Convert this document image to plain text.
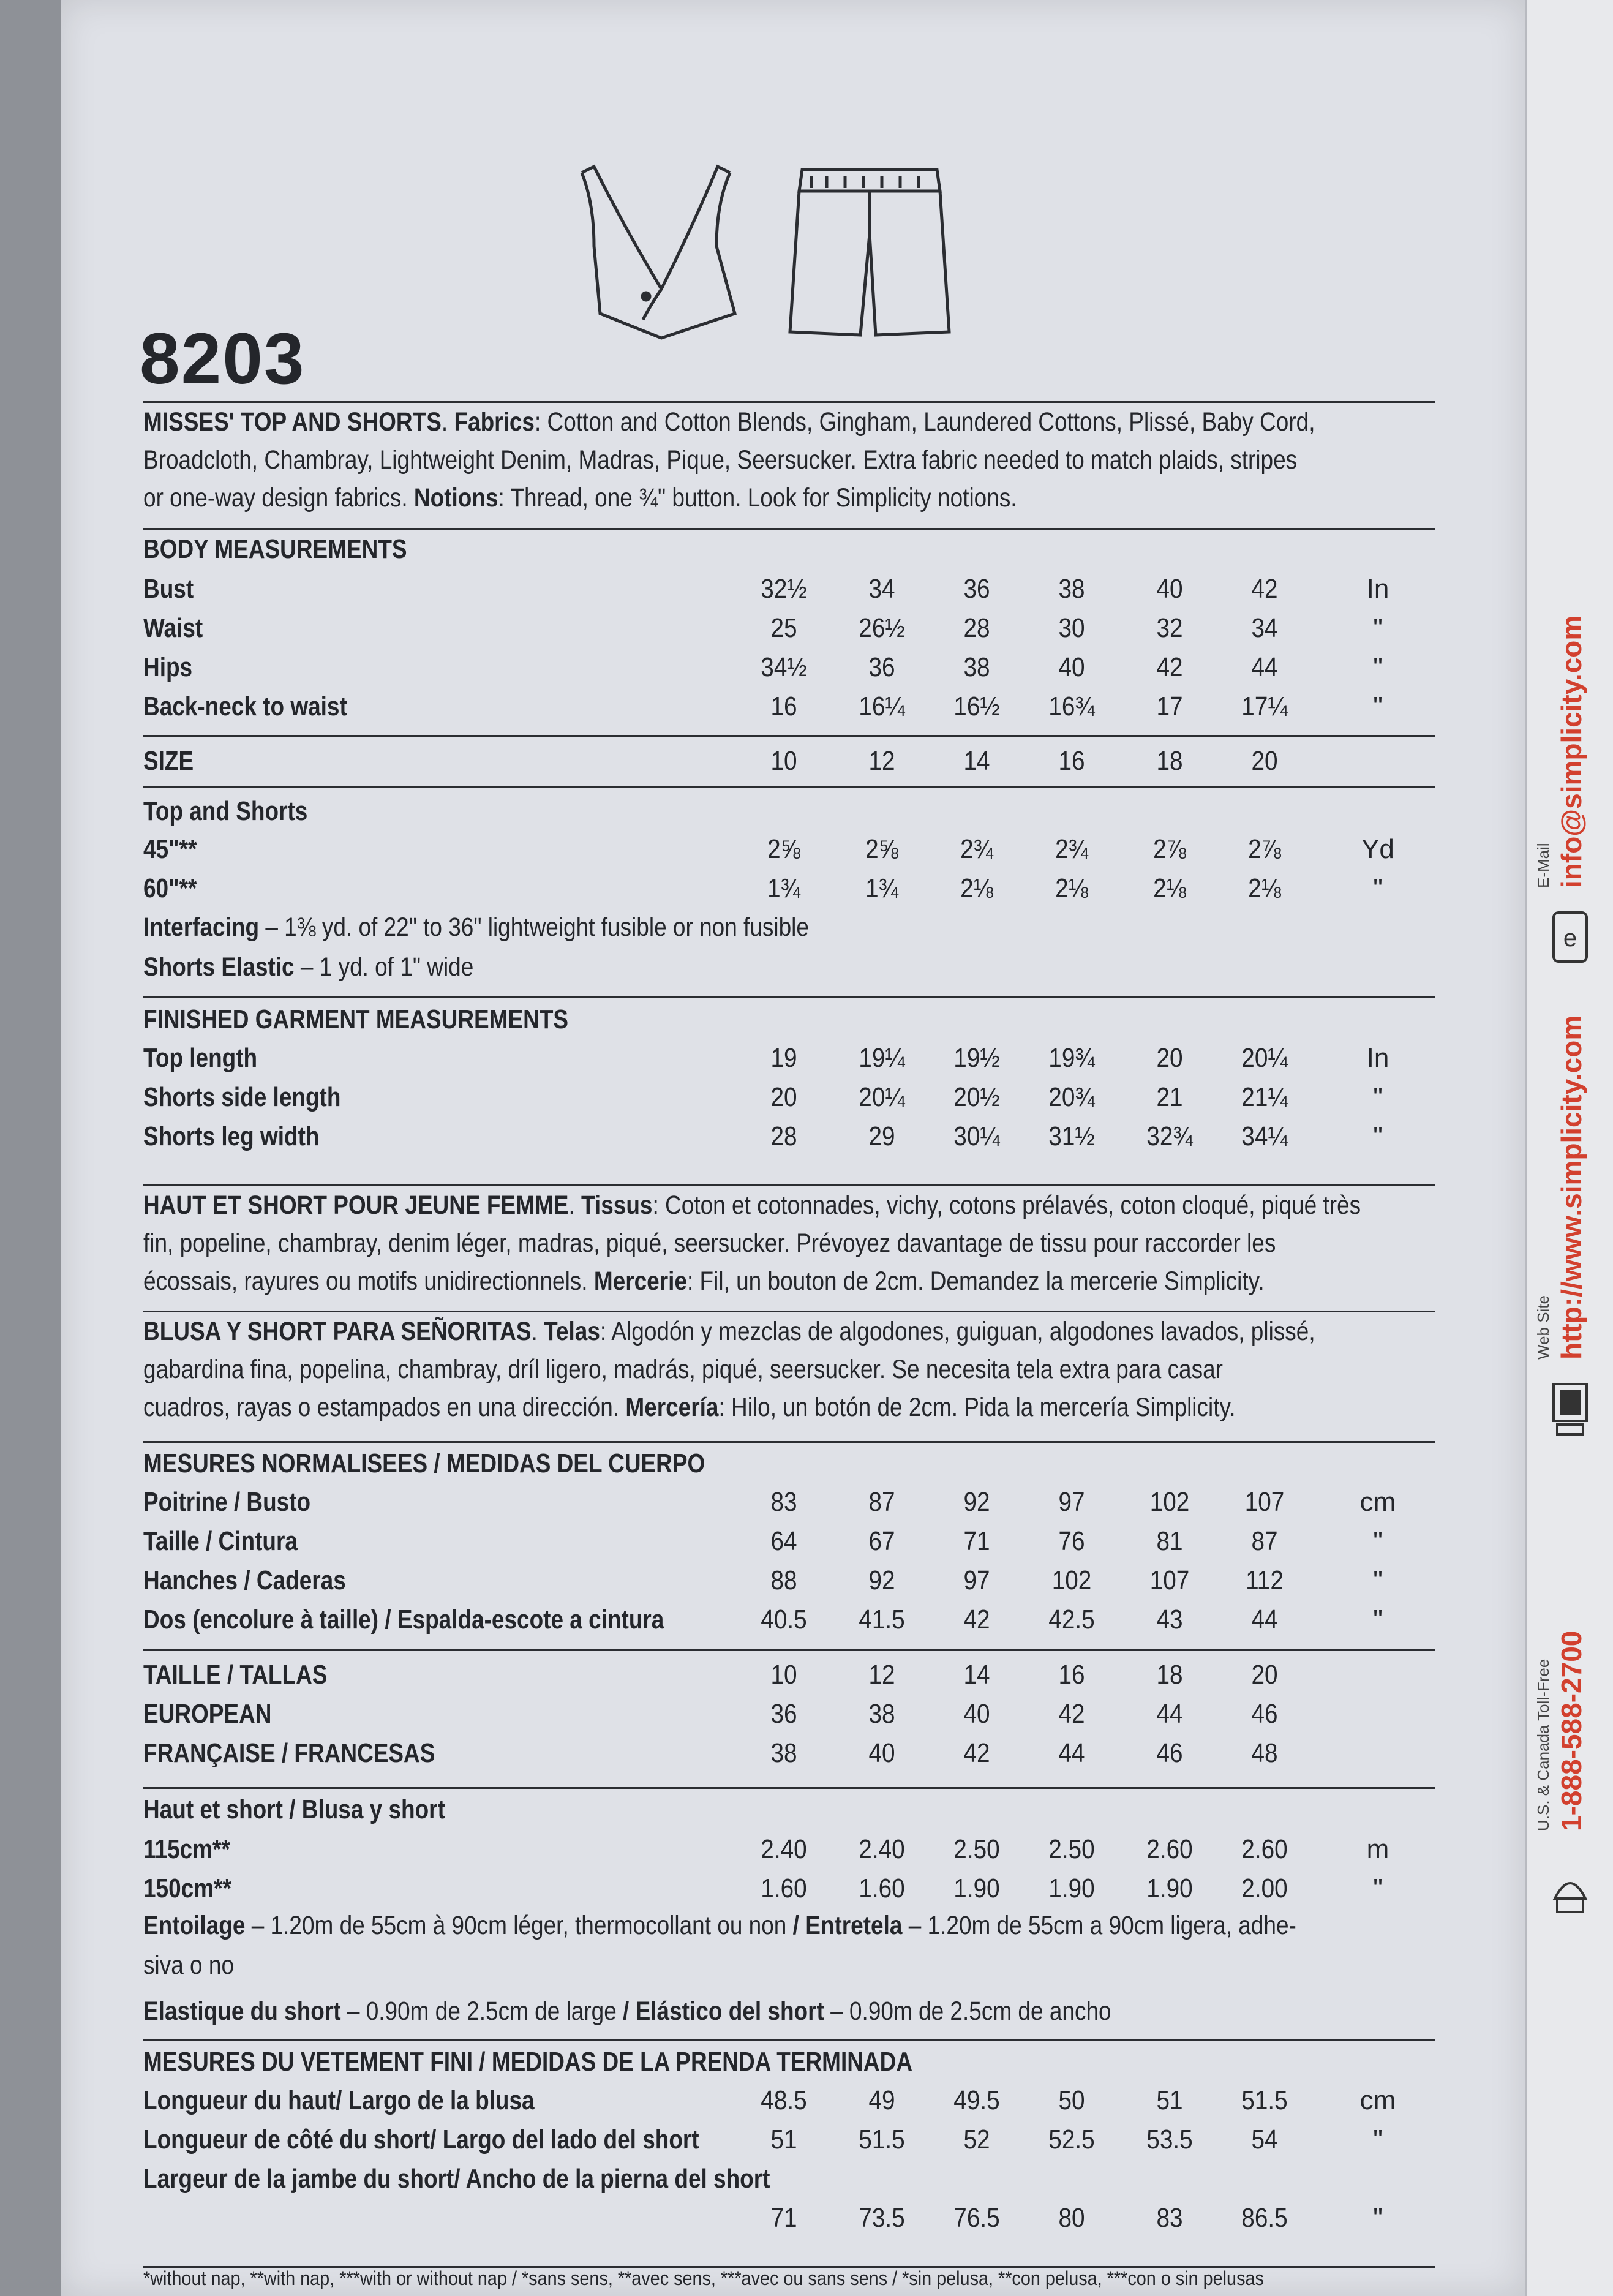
info@simplicity.com
E-Mail
e
http://www.simplicity.com
Web Site
1-888-588-2700
U.S. & Canada Toll-Free
8203
MISSES' TOP AND SHORTS. Fabrics: Cotton and Cotton Blends, Gingham, Laundered Cottons, Plissé, Baby Cord,
Broadcloth, Chambray, Lightweight Denim, Madras, Pique, Seersucker. Extra fabric needed to match plaids, stripes
or one-way design fabrics. Notions: Thread, one ¾" button. Look for Simplicity notions.
BODY MEASUREMENTS
Bust	32½	34	36	38	40	42	In
Waist	25	26½	28	30	32	34	"
Hips	34½	36	38	40	42	44	"
Back-neck to waist	16	16¼	16½	16¾	17	17¼	"
SIZE	10	12	14	16	18	20
Top and Shorts
45"**	2⅝	2⅝	2¾	2¾	2⅞	2⅞	Yd
60"**	1¾	1¾	2⅛	2⅛	2⅛	2⅛	"
FINISHED GARMENT MEASUREMENTS
Top length	19	19¼	19½	19¾	20	20¼	In
Shorts side length	20	20¼	20½	20¾	21	21¼	"
Shorts leg width	28	29	30¼	31½	32¾	34¼	"
MESURES NORMALISEES / MEDIDAS DEL CUERPO
Poitrine / Busto	83	87	92	97	102	107	cm
Taille / Cintura	64	67	71	76	81	87	"
Hanches / Caderas	88	92	97	102	107	112	"
Dos (encolure à taille) / Espalda-escote a cintura	40.5	41.5	42	42.5	43	44	"
TAILLE / TALLAS	10	12	14	16	18	20
EUROPEAN	36	38	40	42	44	46
FRANÇAISE / FRANCESAS	38	40	42	44	46	48
Haut et short / Blusa y short
115cm**	2.40	2.40	2.50	2.50	2.60	2.60	m
150cm**	1.60	1.60	1.90	1.90	1.90	2.00	"
MESURES DU VETEMENT FINI / MEDIDAS DE LA PRENDA TERMINADA
Longueur du haut/ Largo de la blusa	48.5	49	49.5	50	51	51.5	cm
Longueur de côté du short/ Largo del lado del short	51	51.5	52	52.5	53.5	54	"
Largeur de la jambe du short/ Ancho de la pierna del short
71	73.5	76.5	80	83	86.5	"
HAUT ET SHORT POUR JEUNE FEMME. Tissus: Coton et cotonnades, vichy, cotons prélavés, coton cloqué, piqué très
fin, popeline, chambray, denim léger, madras, piqué, seersucker. Prévoyez davantage de tissu pour raccorder les
écossais, rayures ou motifs unidirectionnels. Mercerie: Fil, un bouton de 2cm. Demandez la mercerie Simplicity.
BLUSA Y SHORT PARA SEÑORITAS. Telas: Algodón y mezclas de algodones, guiguan, algodones lavados, plissé,
gabardina fina, popelina, chambray, dríl ligero, madrás, piqué, seersucker. Se necesita tela extra para casar
cuadros, rayas o estampados en una dirección. Mercería: Hilo, un botón de 2cm. Pida la mercería Simplicity.
Interfacing – 1⅜ yd. of 22" to 36" lightweight fusible or non fusible
Shorts Elastic – 1 yd. of 1" wide
Entoilage – 1.20m de 55cm à 90cm léger, thermocollant ou non / Entretela – 1.20m de 55cm a 90cm ligera, adhe-
siva o no
Elastique du short – 0.90m de 2.5cm de large / Elástico del short – 0.90m de 2.5cm de ancho
*without nap, **with nap, ***with or without nap / *sans sens, **avec sens, ***avec ou sans sens / *sin pelusa, **con pelusa, ***con o sin pelusas
